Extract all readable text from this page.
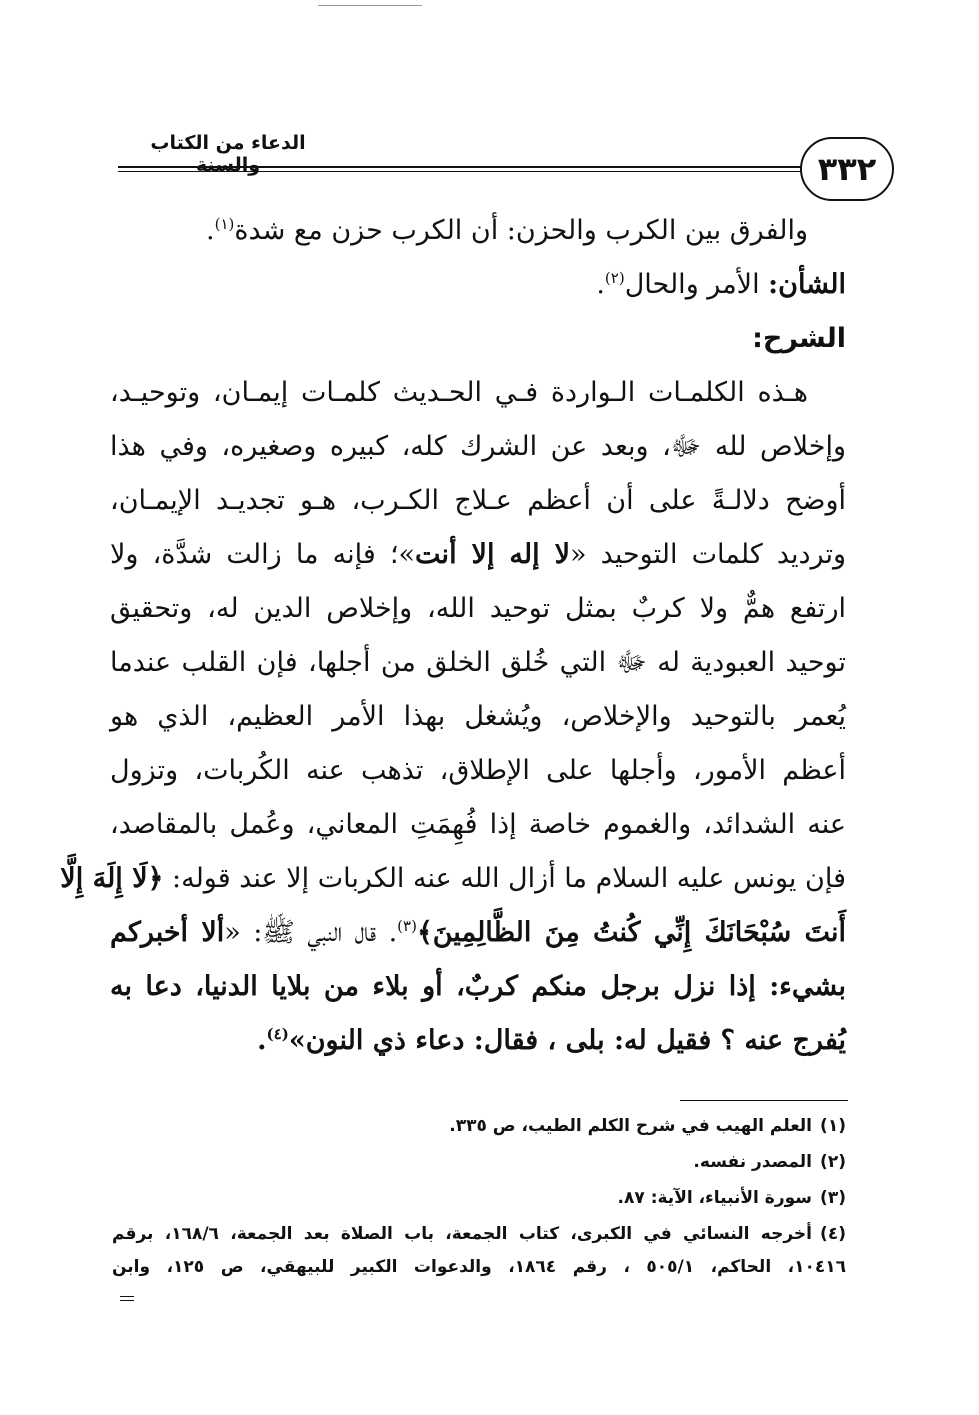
الدعاء من الكتاب والسنة	٣٣٢
والفرق بين الكرب والحزن: أن الكرب حزن مع شدة$^{(١)}$.
الشأن: الأمر والحال$^{(٢)}$.
الشرح:
هـذه الكلمـات الـواردة فـي الحـديث كلمـات إيمـان، وتوحيـد،
وإخلاص لله ﷻ، وبعد عن الشرك كله، كبيره وصغيره، وفي هذا
أوضح دلالـةً على أن أعظم عـلاج الكـرب، هـو تجديـد الإيمـان،
وترديد كلمات التوحيد «لا إله إلا أنت»؛ فإنه ما زالت شدَّة، ولا
ارتفع همٌّ ولا كربٌ بمثل توحيد الله، وإخلاص الدين له، وتحقيق
توحيد العبودية له ﷻ التي خُلق الخلق من أجلها، فإن القلب عندما
يُعمر بالتوحيد والإخلاص، ويُشغل بهذا الأمر العظيم، الذي هو
أعظم الأمور، وأجلها على الإطلاق، تذهب عنه الكُربات، وتزول
عنه الشدائد، والغموم خاصة إذا فُهِمَتِ المعاني، وعُمل بالمقاصد،
فإن يونس عليه السلام ما أزال الله عنه الكربات إلا عند قوله: ﴿لَا إِلَهَ إِلَّا
أَنتَ سُبْحَانَكَ إِنِّي كُنتُ مِنَ الظَّالِمِينَ﴾$^{(٣)}$. قال النبي ﷺ: «ألا أخبركم
بشيء: إذا نزل برجل منكم كربٌ، أو بلاء من بلايا الدنيا، دعا به
يُفرج عنه ؟ فقيل له: بلى ، فقال: دعاء ذي النون»$^{(٤)}$.
(١)العلم الهيب في شرح الكلم الطيب، ص ٣٣٥.
(٢)المصدر نفسه.
(٣)سورة الأنبياء، الآية: ٨٧.
(٤)أخرجه النسائي في الكبرى، كتاب الجمعة، باب الصلاة بعد الجمعة، ١٦٨/٦، برقم
١٠٤١٦، الحاكم، ٥٠٥/١ ، رقم ١٨٦٤، والدعوات الكبير للبيهقي، ص ١٢٥، وابن
